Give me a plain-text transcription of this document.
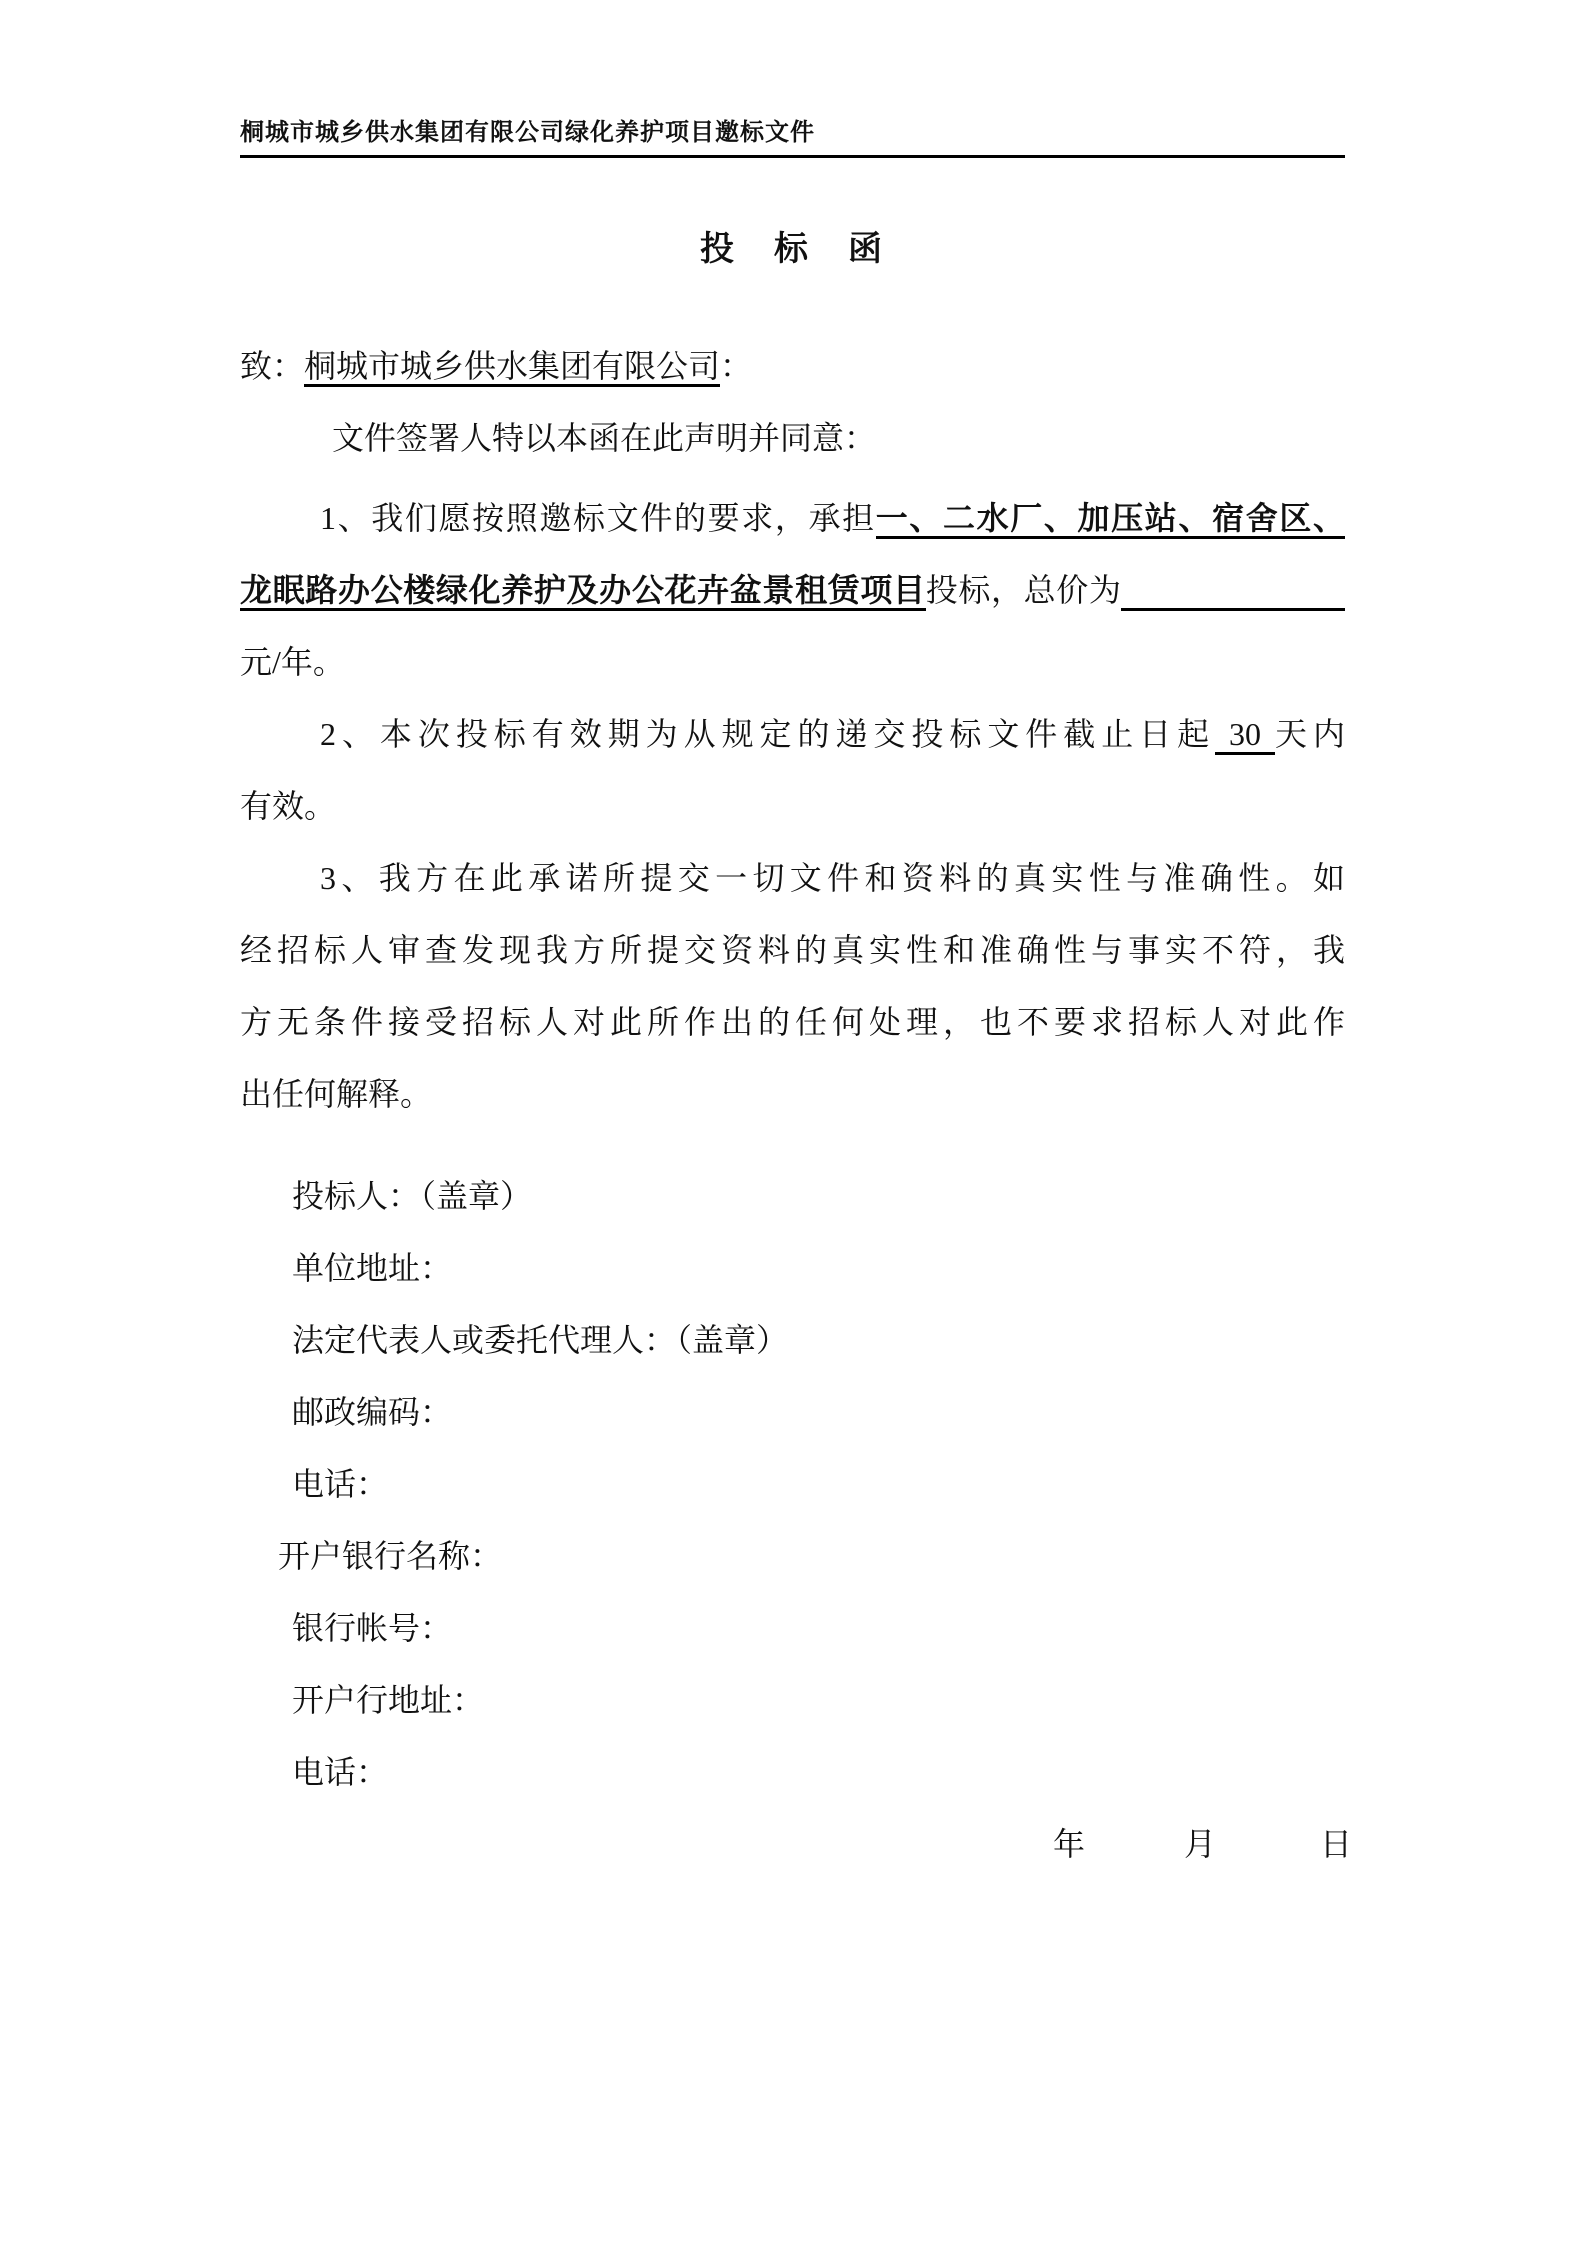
桐城市城乡供水集团有限公司绿化养护项目邀标文件
投　标　函
致：桐城市城乡供水集团有限公司：
文件签署人特以本函在此声明并同意：
1、我们愿按照邀标文件的要求，承担一、二水厂、加压站、宿舍区、
龙眠路办公楼绿化养护及办公花卉盆景租赁项目投标，总价为　　　　　　　
元/年。
2、本次投标有效期为从规定的递交投标文件截止日起 30 天内
有效。
3、我方在此承诺所提交一切文件和资料的真实性与准确性。如
经招标人审查发现我方所提交资料的真实性和准确性与事实不符，我
方无条件接受招标人对此所作出的任何处理，也不要求招标人对此作
出任何解释。
投标人：（盖章）
单位地址：
法定代表人或委托代理人：（盖章）
邮政编码：
电话：
开户银行名称：
银行帐号：
开户行地址：
电话：
年	月	日
